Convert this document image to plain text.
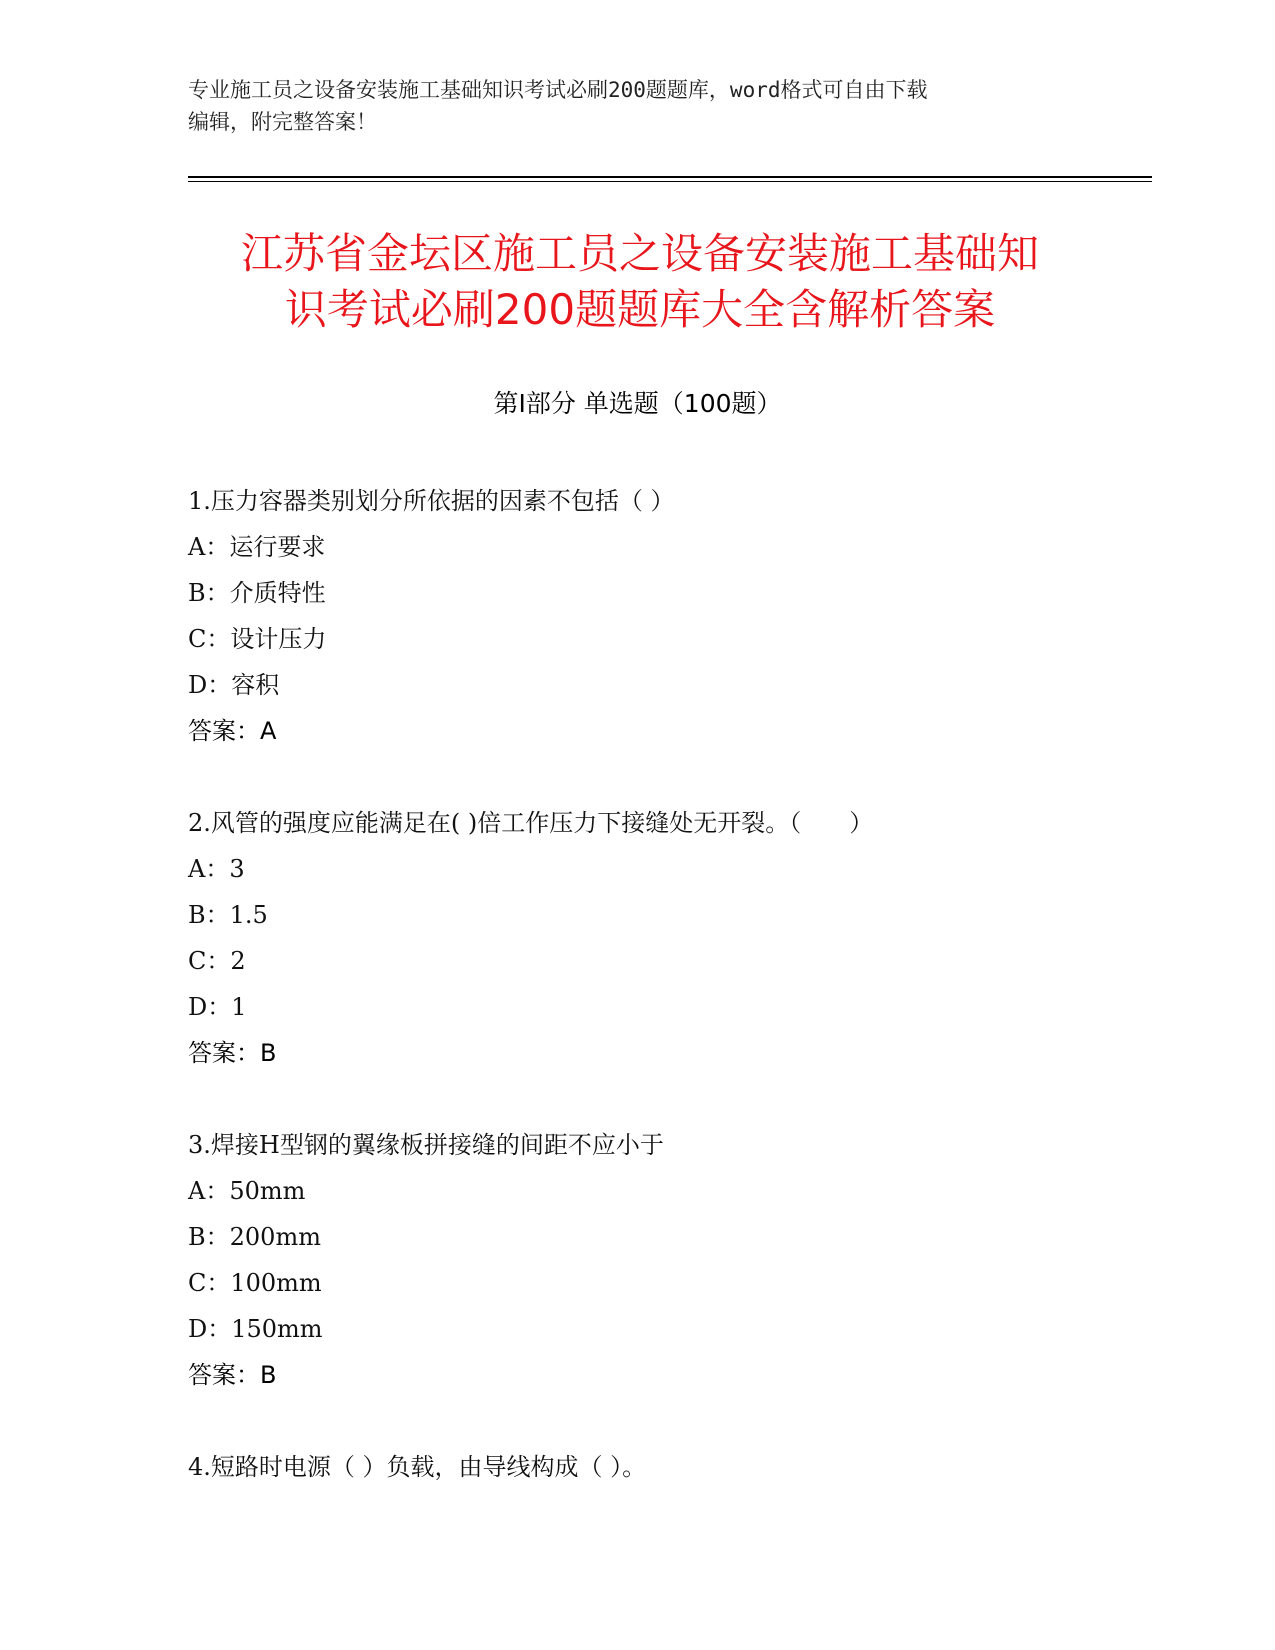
专业施工员之设备安装施工基础知识考试必刷200题题库，word格式可自由下载
编辑，附完整答案！
江苏省金坛区施工员之设备安装施工基础知
识考试必刷200题题库大全含解析答案
第Ⅰ部分 单选题（100题）
1.压力容器类别划分所依据的因素不包括（ ）
A：运行要求
B：介质特性
C：设计压力
D：容积
答案：A
2.风管的强度应能满足在( )倍工作压力下接缝处无开裂。（　　）
A：3
B：1.5
C：2
D：1
答案：B
3.焊接H型钢的翼缘板拼接缝的间距不应小于
A：50mm
B：200mm
C：100mm
D：150mm
答案：B
4.短路时电源（ ）负载，由导线构成（ ）。
